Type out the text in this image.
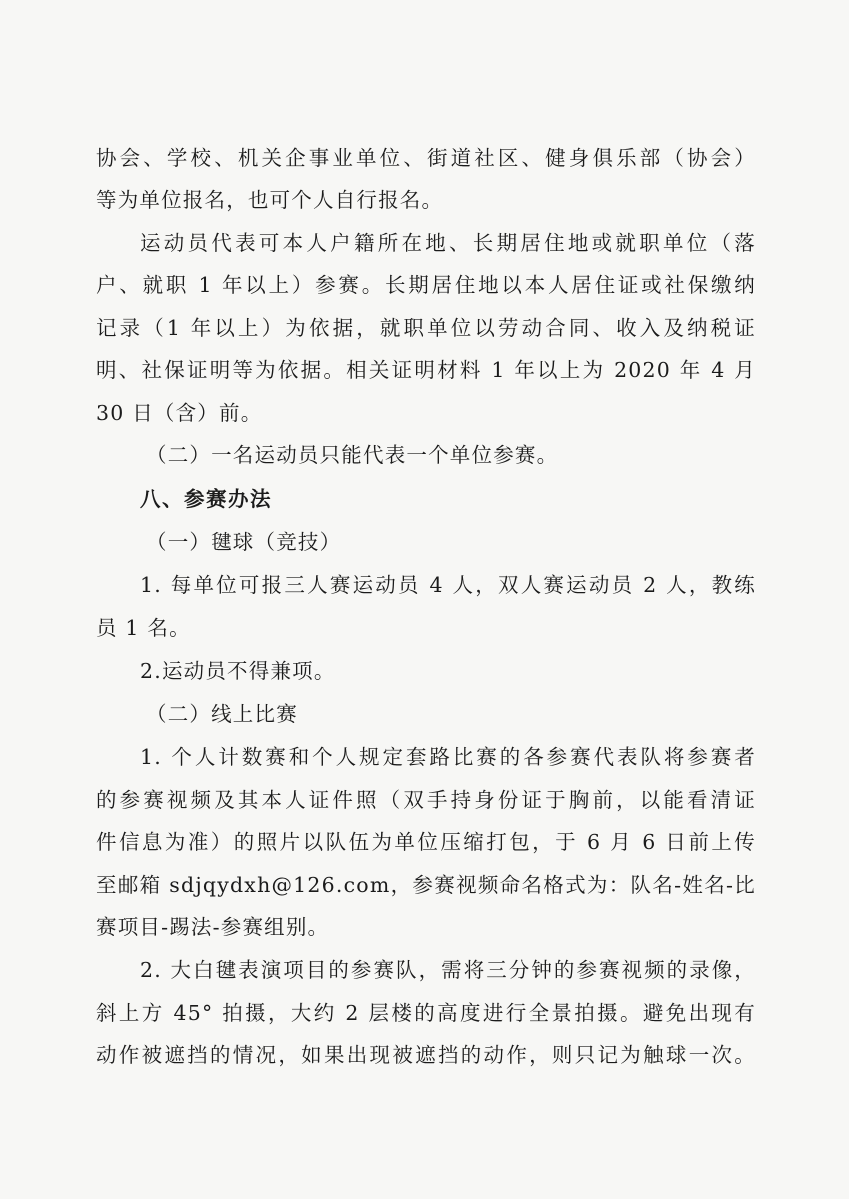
协会、学校、机关企事业单位、街道社区、健身俱乐部（协会）
等为单位报名，也可个人自行报名。
运动员代表可本人户籍所在地、长期居住地或就职单位（落
户、就职 1 年以上）参赛。长期居住地以本人居住证或社保缴纳
记录（1 年以上）为依据，就职单位以劳动合同、收入及纳税证
明、社保证明等为依据。相关证明材料 1 年以上为 2020 年 4 月
30 日（含）前。
（二）一名运动员只能代表一个单位参赛。
八、参赛办法
（一）毽球（竞技）
1. 每单位可报三人赛运动员 4 人，双人赛运动员 2 人，教练
员 1 名。
2.运动员不得兼项。
（二）线上比赛
1. 个人计数赛和个人规定套路比赛的各参赛代表队将参赛者
的参赛视频及其本人证件照（双手持身份证于胸前，以能看清证
件信息为准）的照片以队伍为单位压缩打包，于 6 月 6 日前上传
至邮箱 sdjqydxh@126.com，参赛视频命名格式为：队名-姓名-比
赛项目-踢法-参赛组别。
2. 大白毽表演项目的参赛队，需将三分钟的参赛视频的录像，
斜上方 45° 拍摄，大约 2 层楼的高度进行全景拍摄。避免出现有
动作被遮挡的情况，如果出现被遮挡的动作，则只记为触球一次。
